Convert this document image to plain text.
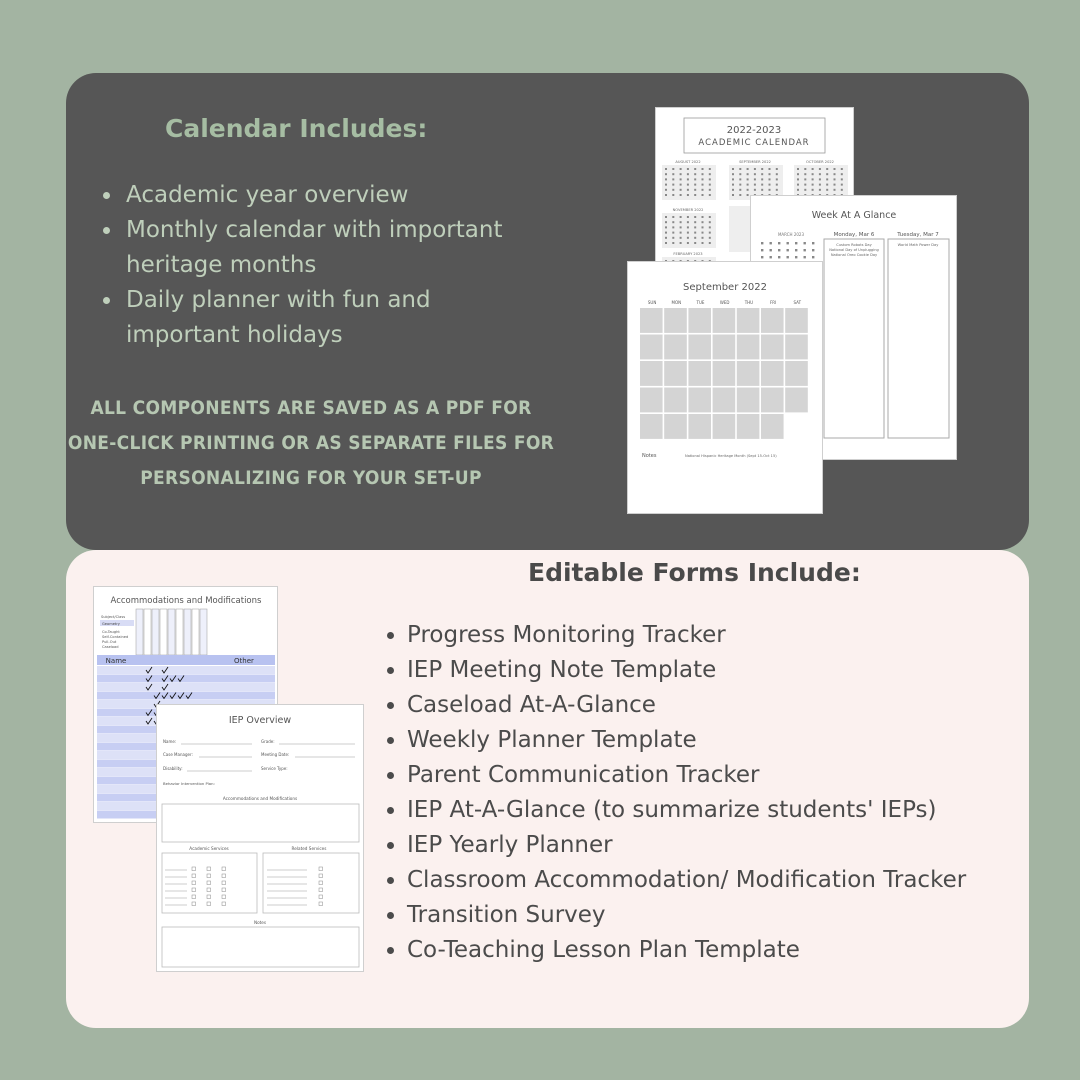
Calendar Includes:
• Academic year overview
• Monthly calendar with important heritage months
• Daily planner with fun and important holidays
ALL COMPONENTS ARE SAVED AS A PDF FOR ONE-CLICK PRINTING OR AS SEPARATE FILES FOR PERSONALIZING FOR YOUR SET-UP
2022-2023
ACADEMIC CALENDAR
AUGUST 2022	SEPTEMBER 2022	OCTOBER 2022
NOVEMBER 2022
FEBRUARY 2023
Week At A Glance
MARCH 2023	Monday, Mar 6	Tuesday, Mar 7
Custom Robots Day
National Day of Unplugging
National Oreo Cookie Day
World Math Power Day
September 2022
SUN	MON	TUE	WED	THU	FRI	SAT
Notes	National Hispanic Heritage Month (Sept 15-Oct 15)
Accommodations and Modifications
Subject/Class
Geometry
Co-Taught
Self-Contained
Pull-Out
Caseload
Name	Other
IEP Overview
Name:	Grade:
Case Manager:	Meeting Date:
Disability:	Service Type:
Behavior Intervention Plan:
Accommodations and Modifications
Academic Services	Related Services
Notes
Editable Forms Include:
• Progress Monitoring Tracker
• IEP Meeting Note Template
• Caseload At-A-Glance
• Weekly Planner Template
• Parent Communication Tracker
• IEP At-A-Glance (to summarize students' IEPs)
• IEP Yearly Planner
• Classroom Accommodation/ Modification Tracker
• Transition Survey
• Co-Teaching Lesson Plan Template
